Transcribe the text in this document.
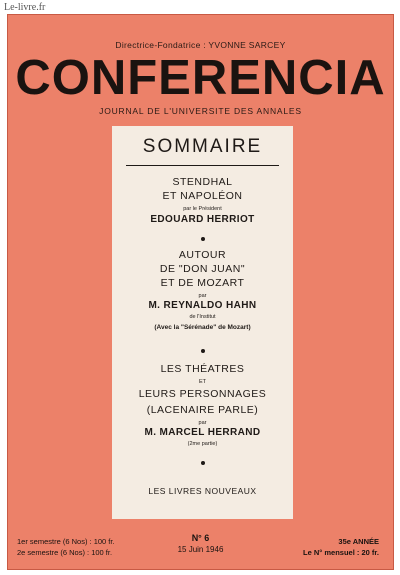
Le-livre.fr
Directrice-Fondatrice : YVONNE SARCEY
CONFERENCIA
JOURNAL DE L'UNIVERSITE DES ANNALES
SOMMAIRE
STENDHAL
ET NAPOLÉON
par le Président
EDOUARD HERRIOT
AUTOUR
DE "DON JUAN"
ET DE MOZART
par
M. REYNALDO HAHN
de l'Institut
(Avec la "Sérénade" de Mozart)
LES THÉATRES
ET
LEURS PERSONNAGES
(LACENAIRE PARLE)
par
M. MARCEL HERRAND
(2me partie)
LES LIVRES NOUVEAUX
1er semestre (6 Nos) : 100 fr.
2e semestre (6 Nos) : 100 fr.
N° 6
15 Juin 1946
35e ANNÉE
Le N° mensuel : 20 fr.
